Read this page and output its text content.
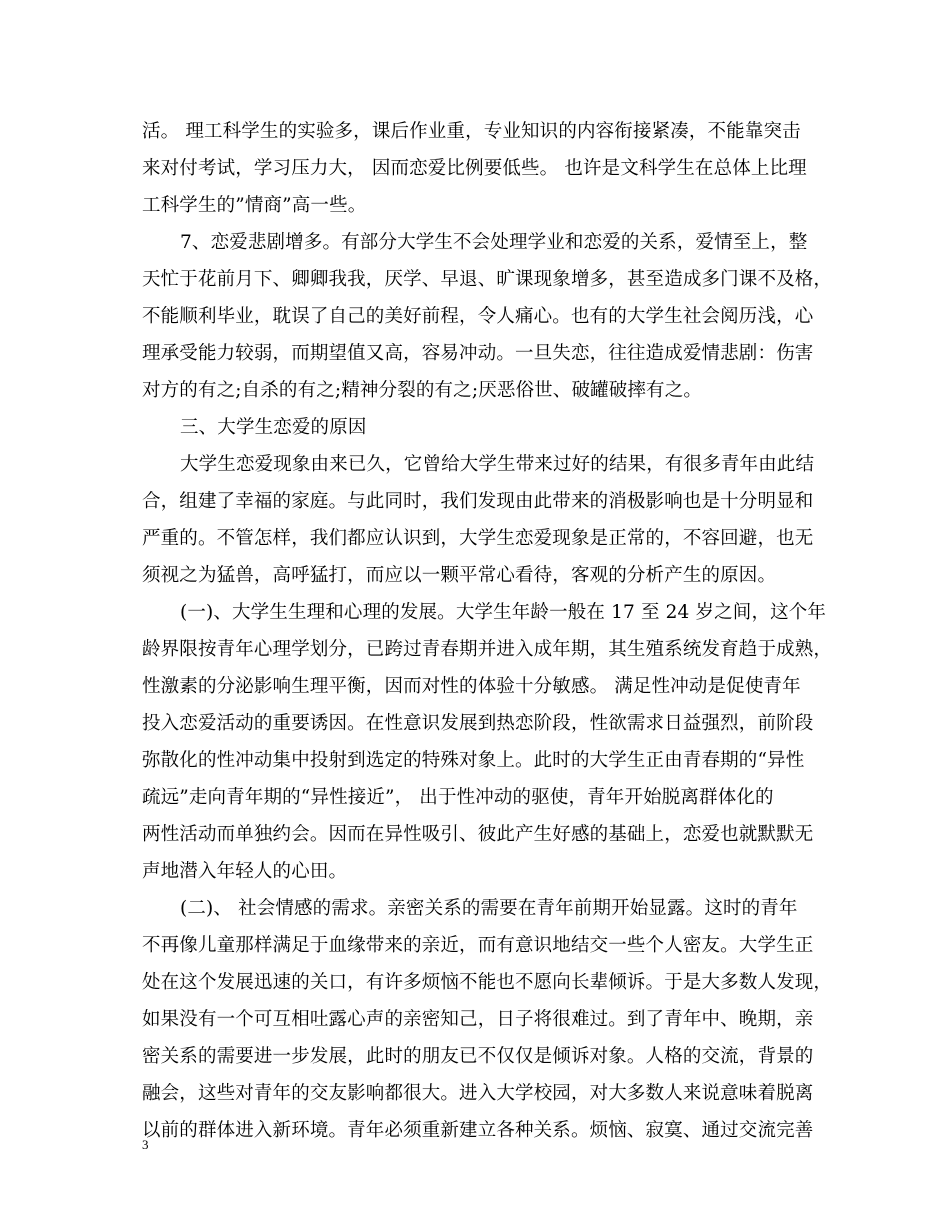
活。 理工科学生的实验多，课后作业重，专业知识的内容衔接紧凑，不能靠突击
来对付考试，学习压力大， 因而恋爱比例要低些。 也许是文科学生在总体上比理
工科学生的”情商”高一些。
7、恋爱悲剧增多。有部分大学生不会处理学业和恋爱的关系，爱情至上，整
天忙于花前月下、卿卿我我，厌学、早退、旷课现象增多，甚至造成多门课不及格，
不能顺利毕业，耽误了自己的美好前程，令人痛心。也有的大学生社会阅历浅，心
理承受能力较弱，而期望值又高，容易冲动。一旦失恋，往往造成爱情悲剧：伤害
对方的有之;自杀的有之;精神分裂的有之;厌恶俗世、破罐破摔有之。
三、大学生恋爱的原因
大学生恋爱现象由来已久，它曾给大学生带来过好的结果，有很多青年由此结
合，组建了幸福的家庭。与此同时，我们发现由此带来的消极影响也是十分明显和
严重的。不管怎样，我们都应认识到，大学生恋爱现象是正常的，不容回避，也无
须视之为猛兽，高呼猛打，而应以一颗平常心看待，客观的分析产生的原因。
(一)、大学生生理和心理的发展。大学生年龄一般在 17 至 24 岁之间，这个年
龄界限按青年心理学划分，已跨过青春期并进入成年期，其生殖系统发育趋于成熟，
性激素的分泌影响生理平衡，因而对性的体验十分敏感。 满足性冲动是促使青年
投入恋爱活动的重要诱因。在性意识发展到热恋阶段，性欲需求日益强烈，前阶段
弥散化的性冲动集中投射到选定的特殊对象上。此时的大学生正由青春期的“异性
疏远”走向青年期的“异性接近”， 出于性冲动的驱使，青年开始脱离群体化的
两性活动而单独约会。因而在异性吸引、彼此产生好感的基础上，恋爱也就默默无
声地潜入年轻人的心田。
(二)、 社会情感的需求。亲密关系的需要在青年前期开始显露。这时的青年
不再像儿童那样满足于血缘带来的亲近，而有意识地结交一些个人密友。大学生正
处在这个发展迅速的关口，有许多烦恼不能也不愿向长辈倾诉。于是大多数人发现，
如果没有一个可互相吐露心声的亲密知己，日子将很难过。到了青年中、晚期，亲
密关系的需要进一步发展，此时的朋友已不仅仅是倾诉对象。人格的交流，背景的
融会，这些对青年的交友影响都很大。进入大学校园，对大多数人来说意味着脱离
以前的群体进入新环境。青年必须重新建立各种关系。烦恼、寂寞、通过交流完善
3
